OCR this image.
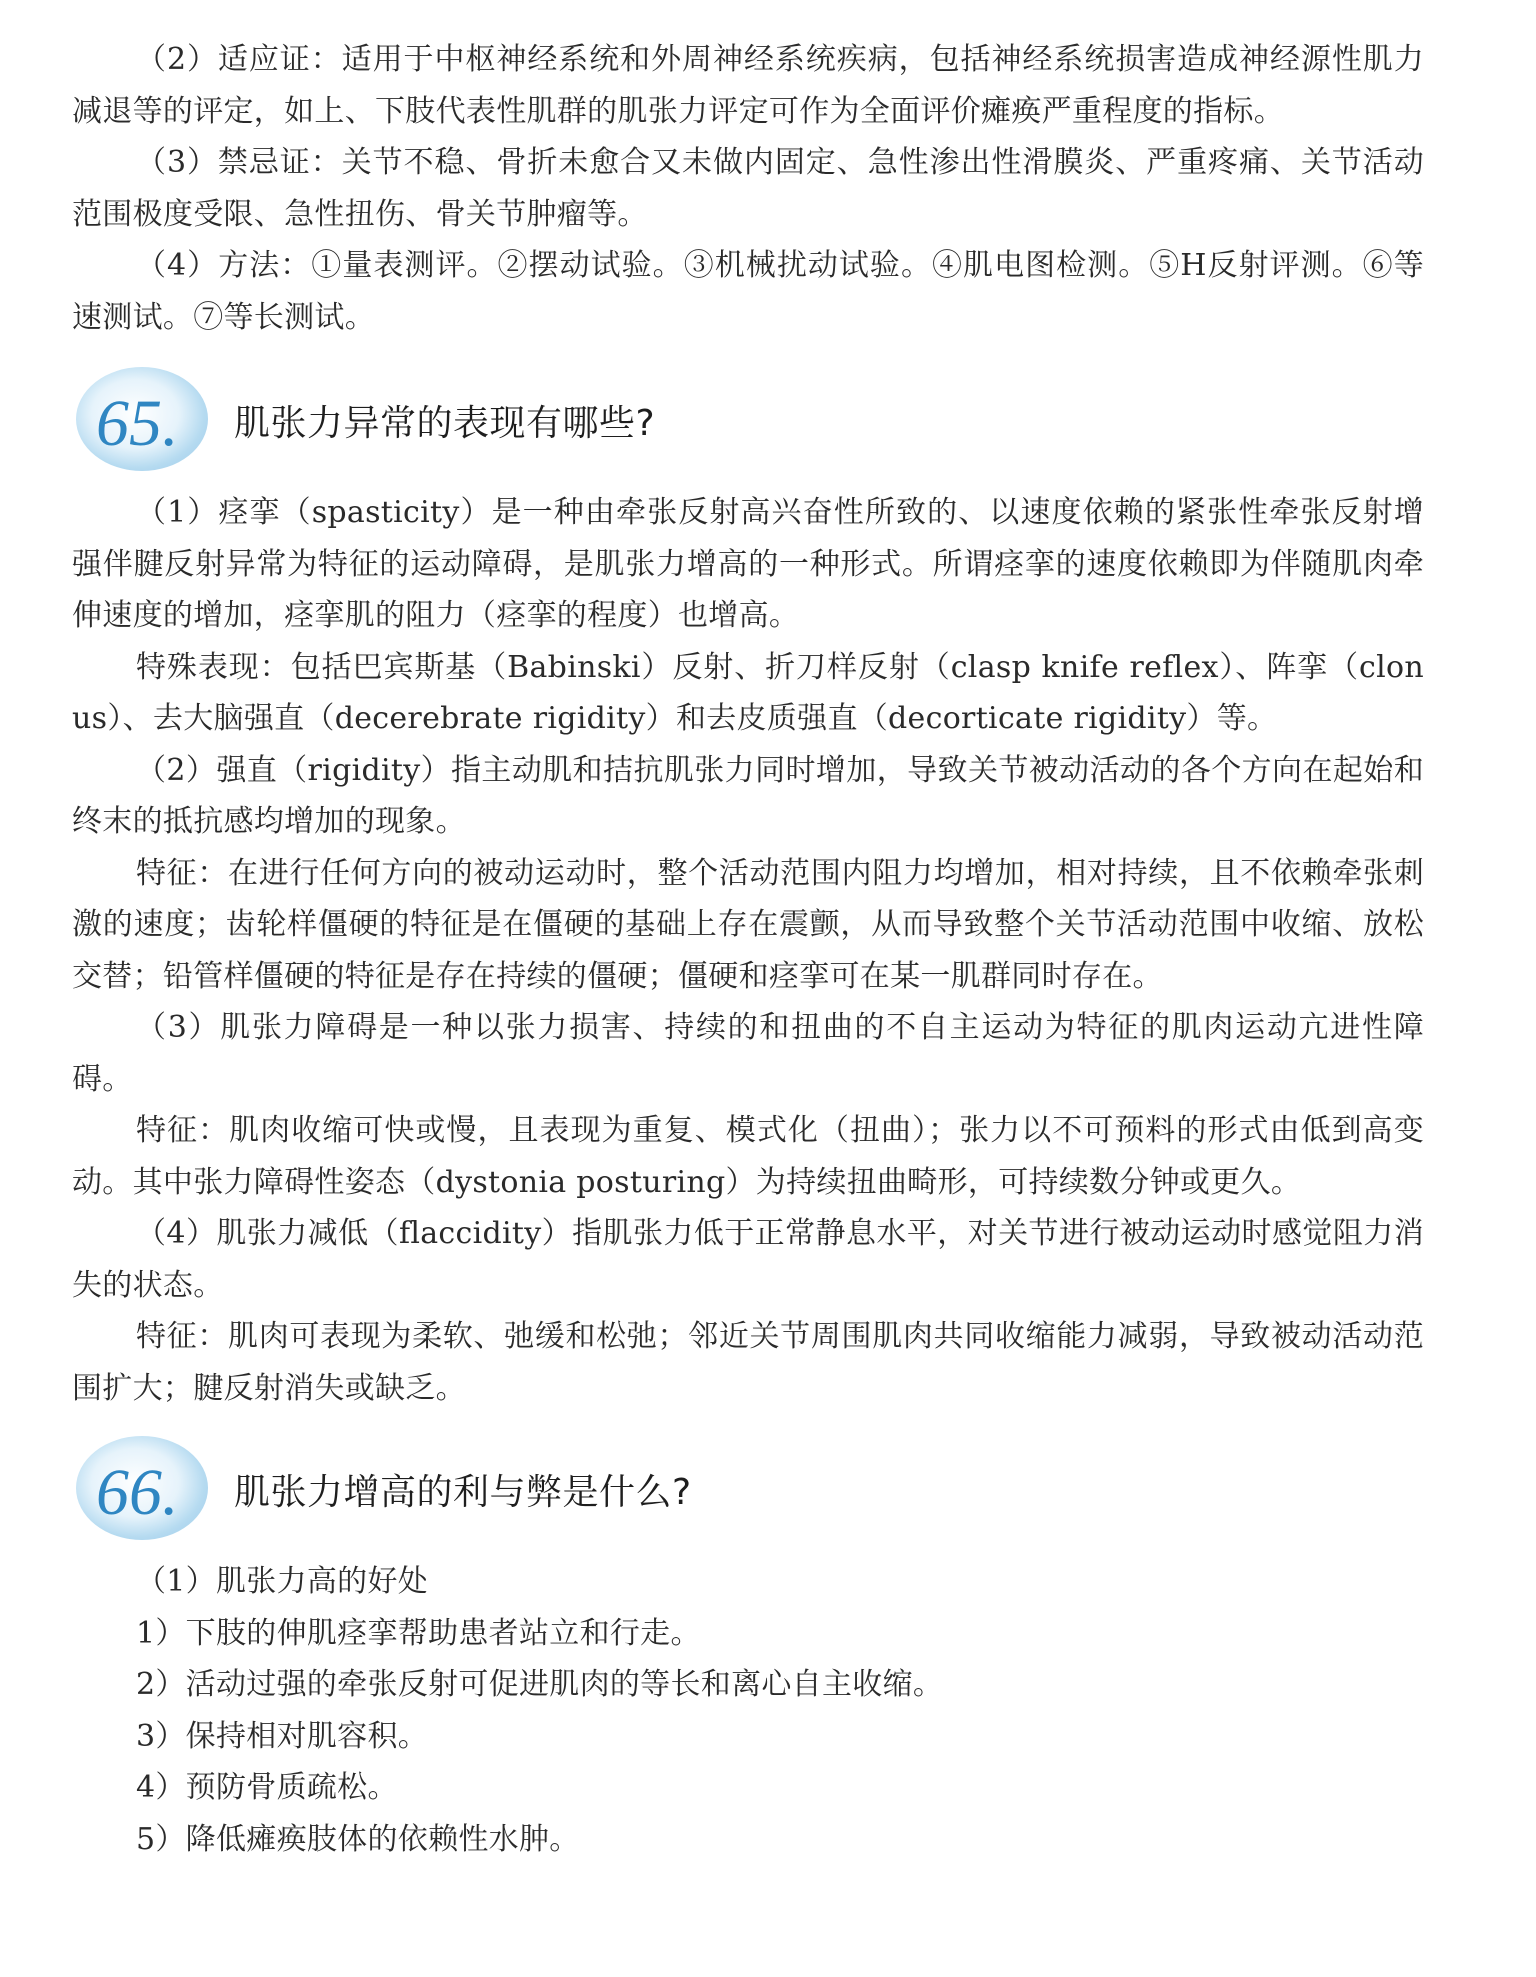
（2）适应证：适用于中枢神经系统和外周神经系统疾病，包括神经系统损害造成神经源性肌力减退等的评定，如上、下肢代表性肌群的肌张力评定可作为全面评价瘫痪严重程度的指标。

（3）禁忌证：关节不稳、骨折未愈合又未做内固定、急性渗出性滑膜炎、严重疼痛、关节活动范围极度受限、急性扭伤、骨关节肿瘤等。

（4）方法：①量表测评。②摆动试验。③机械扰动试验。④肌电图检测。⑤H反射评测。⑥等速测试。⑦等长测试。

65. 肌张力异常的表现有哪些?

（1）痉挛（spasticity）是一种由牵张反射高兴奋性所致的、以速度依赖的紧张性牵张反射增强伴腱反射异常为特征的运动障碍，是肌张力增高的一种形式。所谓痉挛的速度依赖即为伴随肌肉牵伸速度的增加，痉挛肌的阻力（痉挛的程度）也增高。

特殊表现：包括巴宾斯基（Babinski）反射、折刀样反射（clasp knife reflex）、阵挛（clonus）、去大脑强直（decerebrate rigidity）和去皮质强直（decorticate rigidity）等。

（2）强直（rigidity）指主动肌和拮抗肌张力同时增加，导致关节被动活动的各个方向在起始和终末的抵抗感均增加的现象。

特征：在进行任何方向的被动运动时，整个活动范围内阻力均增加，相对持续，且不依赖牵张刺激的速度；齿轮样僵硬的特征是在僵硬的基础上存在震颤，从而导致整个关节活动范围中收缩、放松交替；铅管样僵硬的特征是存在持续的僵硬；僵硬和痉挛可在某一肌群同时存在。

（3）肌张力障碍是一种以张力损害、持续的和扭曲的不自主运动为特征的肌肉运动亢进性障碍。

特征：肌肉收缩可快或慢，且表现为重复、模式化（扭曲）；张力以不可预料的形式由低到高变动。其中张力障碍性姿态（dystonia posturing）为持续扭曲畸形，可持续数分钟或更久。

（4）肌张力减低（flaccidity）指肌张力低于正常静息水平，对关节进行被动运动时感觉阻力消失的状态。

特征：肌肉可表现为柔软、弛缓和松弛；邻近关节周围肌肉共同收缩能力减弱，导致被动活动范围扩大；腱反射消失或缺乏。

66. 肌张力增高的利与弊是什么?

（1）肌张力高的好处

1）下肢的伸肌痉挛帮助患者站立和行走。

2）活动过强的牵张反射可促进肌肉的等长和离心自主收缩。

3）保持相对肌容积。

4）预防骨质疏松。

5）降低瘫痪肢体的依赖性水肿。
